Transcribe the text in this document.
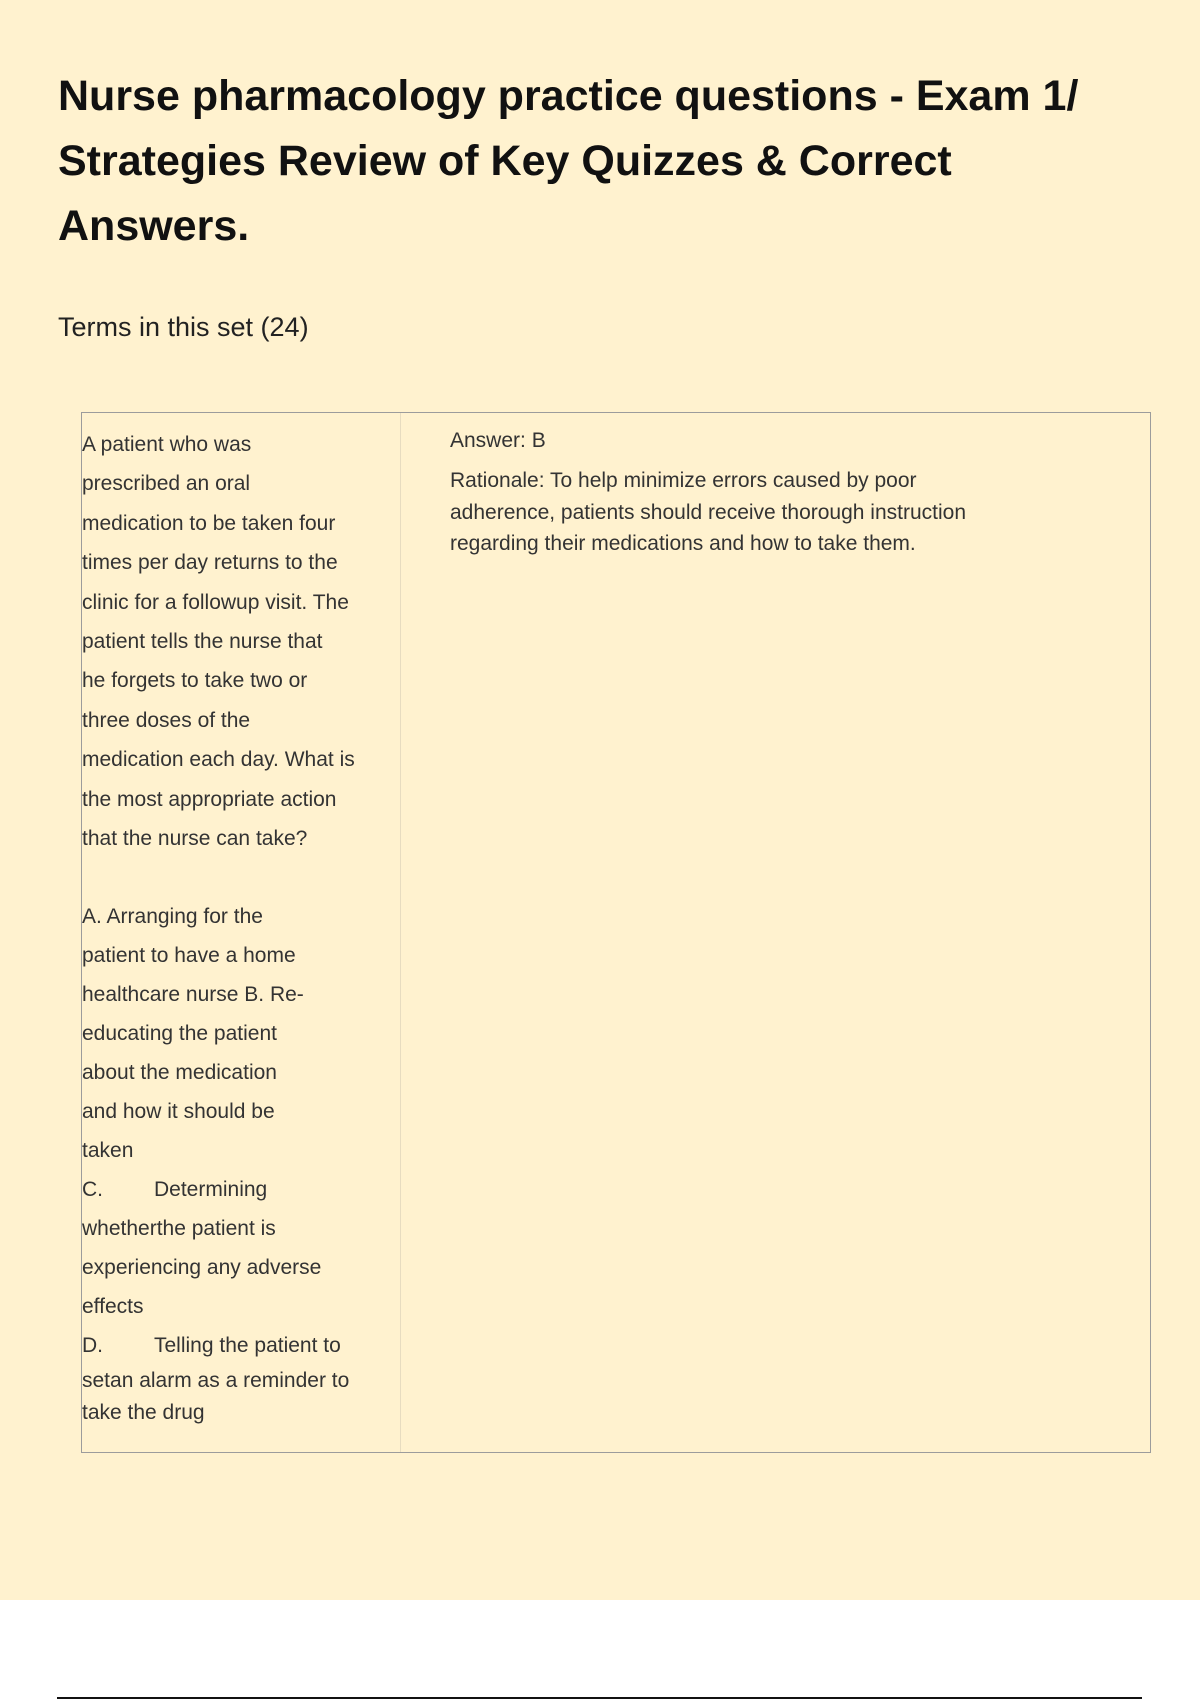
Nurse pharmacology practice questions - Exam 1/
Strategies Review of Key Quizzes & Correct Answers.

Terms in this set (24)

A patient who was
prescribed an oral
medication to be taken four
times per day returns to the
clinic for a followup visit. The
patient tells the nurse that
he forgets to take two or
three doses of the
medication each day. What is
the most appropriate action
that the nurse can take?

A. Arranging for the

patient to have a home

healthcare nurse B. Re-

educating the patient

about the medication

and how it should be

taken

C. Determining

whetherthe patient is

experiencing any adverse

effects

D. Telling the patient to

setan alarm as a reminder to

take the drug

Answer: B

Rationale: To help minimize errors caused by poor
adherence, patients should receive thorough instruction
regarding their medications and how to take them.
